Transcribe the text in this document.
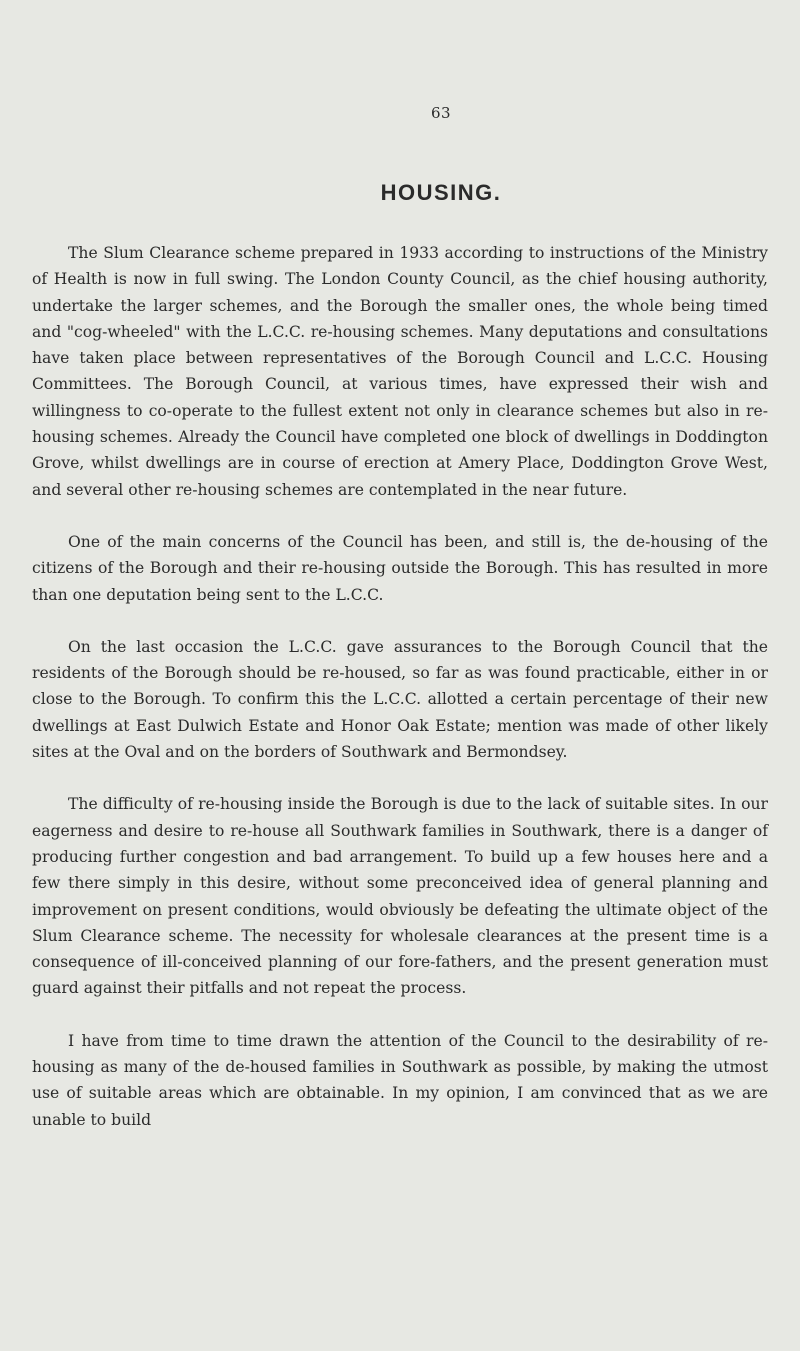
63
HOUSING.

The Slum Clearance scheme prepared in 1933 according to instructions of the Ministry of Health is now in full swing. The London County Council, as the chief housing authority, undertake the larger schemes, and the Borough the smaller ones, the whole being timed and "cog-wheeled" with the L.C.C. re-housing schemes. Many deputations and consultations have taken place between representatives of the Borough Council and L.C.C. Housing Committees. The Borough Council, at various times, have expressed their wish and willingness to co-operate to the fullest extent not only in clearance schemes but also in re-housing schemes. Already the Council have completed one block of dwellings in Doddington Grove, whilst dwellings are in course of erection at Amery Place, Doddington Grove West, and several other re-housing schemes are contemplated in the near future.

One of the main concerns of the Council has been, and still is, the de-housing of the citizens of the Borough and their re-housing outside the Borough. This has resulted in more than one deputation being sent to the L.C.C.

On the last occasion the L.C.C. gave assurances to the Borough Council that the residents of the Borough should be re-housed, so far as was found practicable, either in or close to the Borough. To confirm this the L.C.C. allotted a certain percentage of their new dwellings at East Dulwich Estate and Honor Oak Estate; mention was made of other likely sites at the Oval and on the borders of Southwark and Bermondsey.

The difficulty of re-housing inside the Borough is due to the lack of suitable sites. In our eagerness and desire to re-house all Southwark families in Southwark, there is a danger of producing further congestion and bad arrangement. To build up a few houses here and a few there simply in this desire, without some preconceived idea of general planning and improvement on present conditions, would obviously be defeating the ultimate object of the Slum Clearance scheme. The necessity for wholesale clearances at the present time is a consequence of ill-conceived planning of our fore-fathers, and the present generation must guard against their pitfalls and not repeat the process.

I have from time to time drawn the attention of the Council to the desirability of re-housing as many of the de-housed families in Southwark as possible, by making the utmost use of suitable areas which are obtainable. In my opinion, I am convinced that as we are unable to build
